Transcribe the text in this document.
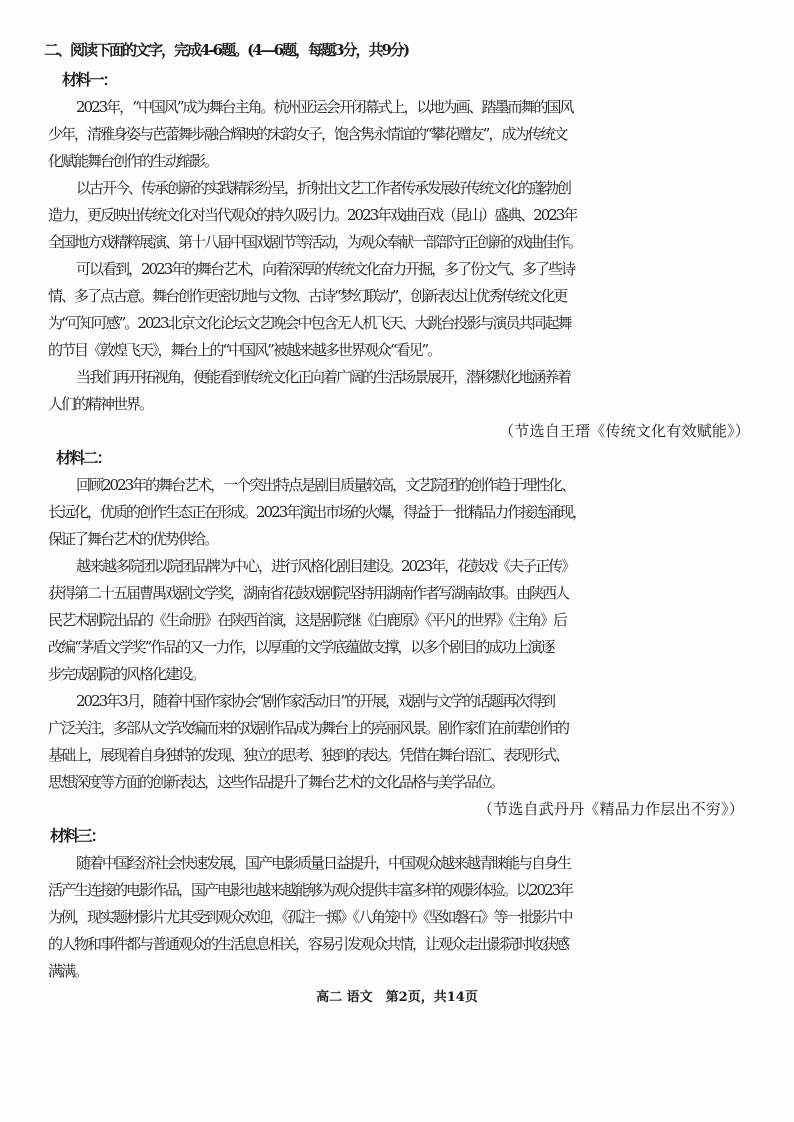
二、阅读下面的文字，完成4-6题。(4—6题，每题3分，共9分)
材料一：
2023年，“中国风”成为舞台主角。杭州亚运会开闭幕式上，以地为画、踏墨而舞的国风
少年，清雅身姿与芭蕾舞步融合辉映的宋韵女子，饱含隽永情谊的“攀花赠友”，成为传统文
化赋能舞台创作的生动缩影。
以古开今、传承创新的实践精彩纷呈，折射出文艺工作者传承发展好传统文化的蓬勃创
造力，更反映出传统文化对当代观众的持久吸引力。2023年戏曲百戏（昆山）盛典、2023年
全国地方戏精粹展演、第十八届中国戏剧节等活动，为观众奉献一部部守正创新的戏曲佳作。
可以看到，2023年的舞台艺术，向着深厚的传统文化奋力开掘，多了份文气、多了些诗
情、多了点古意。舞台创作更密切地与文物、古诗“梦幻联动”，创新表达让优秀传统文化更
为“可知可感”。2023北京文化论坛文艺晚会中包含无人机飞天、大跳台投影与演员共同起舞
的节目《敦煌飞天》，舞台上的“中国风”被越来越多世界观众“看见”。
当我们再开拓视角，便能看到传统文化正向着广阔的生活场景展开，潜移默化地涵养着
人们的精神世界。
（节选自王瑨《传统文化有效赋能》）
材料二：
回顾2023年的舞台艺术，一个突出特点是剧目质量较高，文艺院团的创作趋于理性化、
长远化，优质的创作生态正在形成。2023年演出市场的火爆，得益于一批精品力作接连涌现，
保证了舞台艺术的优势供给。
越来越多院团以院团品牌为中心，进行风格化剧目建设。2023年，花鼓戏《夫子正传》
获得第二十五届曹禺戏剧文学奖，湖南省花鼓戏剧院坚持用湖南作者写湖南故事。由陕西人
民艺术剧院出品的《生命册》在陕西首演，这是剧院继《白鹿原》《平凡的世界》《主角》后
改编“茅盾文学奖”作品的又一力作，以厚重的文学底蕴做支撑，以多个剧目的成功上演逐
步完成剧院的风格化建设。
2023年3月，随着中国作家协会“剧作家活动日”的开展，戏剧与文学的话题再次得到
广泛关注，多部从文学改编而来的戏剧作品成为舞台上的亮丽风景。剧作家们在前辈创作的
基础上，展现着自身独特的发现、独立的思考、独到的表达。凭借在舞台语汇、表现形式、
思想深度等方面的创新表达，这些作品提升了舞台艺术的文化品格与美学品位。
（节选自武丹丹《精品力作层出不穷》）
材料三：
随着中国经济社会快速发展，国产电影质量日益提升，中国观众越来越青睐能与自身生
活产生连接的电影作品，国产电影也越来越能够为观众提供丰富多样的观影体验。以2023年
为例，现实题材影片尤其受到观众欢迎，《孤注一掷》《八角笼中》《坚如磐石》等一批影片中
的人物和事件都与普通观众的生活息息相关，容易引发观众共情，让观众走出影院时收获感
满满。
高二 语文　第2页，共14页
